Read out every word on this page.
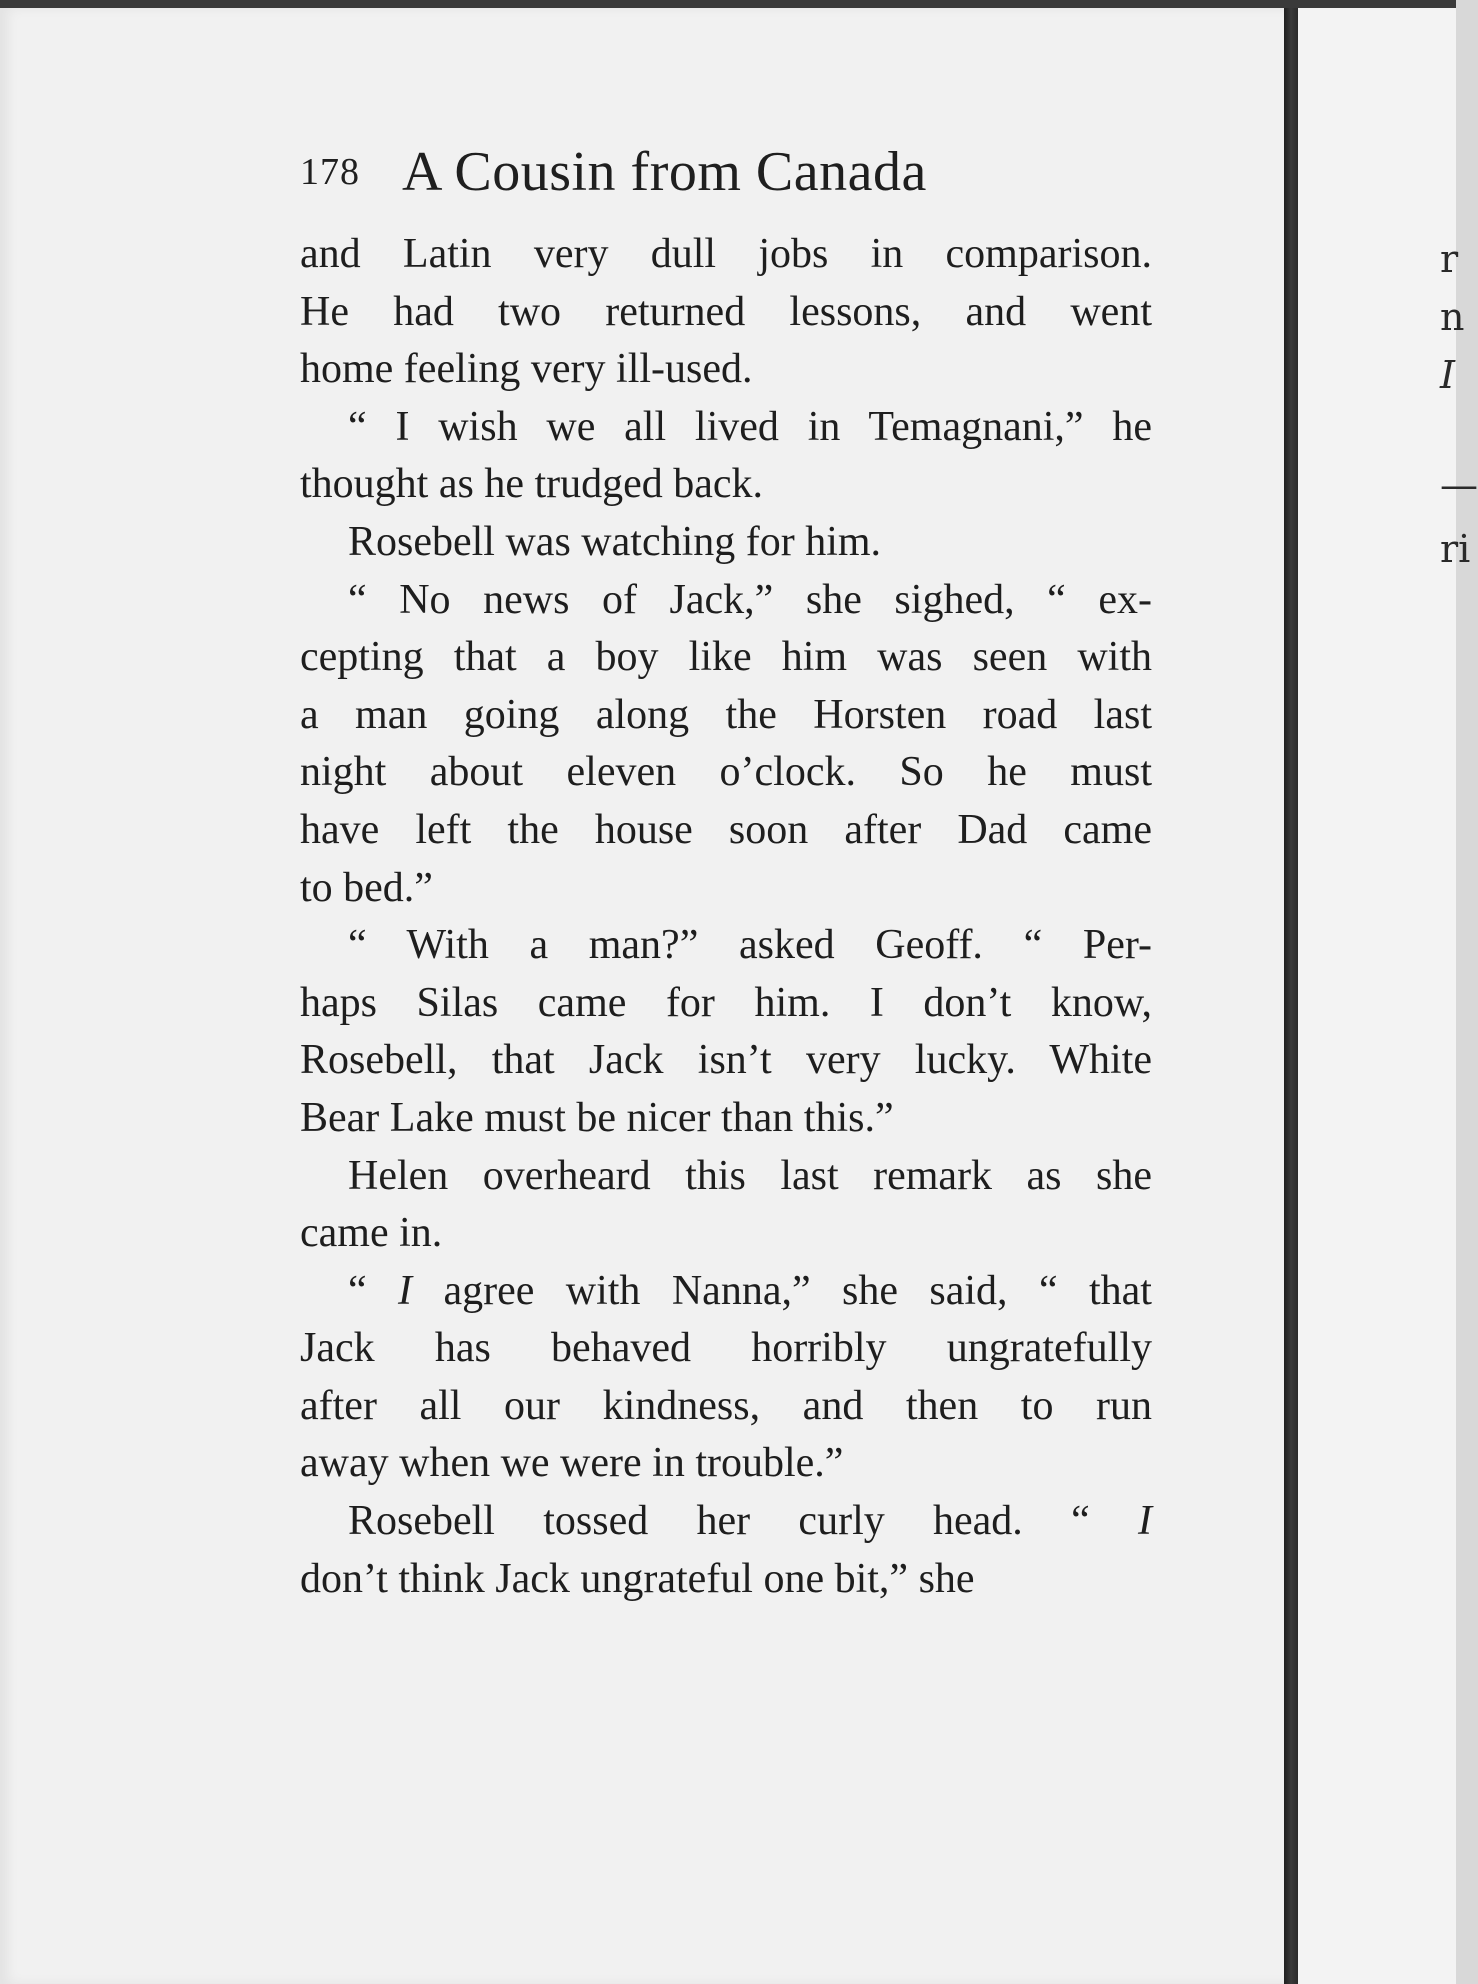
r
n
I
—
ri
178 A Cousin from Canada
and Latin very dull jobs in comparison.
He had two returned lessons, and went
home feeling very ill-used.
“ I wish we all lived in Temagnani,” he
thought as he trudged back.
Rosebell was watching for him.
“ No news of Jack,” she sighed, “ ex-
cepting that a boy like him was seen with
a man going along the Horsten road last
night about eleven o’clock. So he must
have left the house soon after Dad came
to bed.”
“ With a man?” asked Geoff. “ Per-
haps Silas came for him. I don’t know,
Rosebell, that Jack isn’t very lucky. White
Bear Lake must be nicer than this.”
Helen overheard this last remark as she
came in.
“ I agree with Nanna,” she said, “ that
Jack has behaved horribly ungratefully
after all our kindness, and then to run
away when we were in trouble.”
Rosebell tossed her curly head. “ I
don’t think Jack ungrateful one bit,” she
